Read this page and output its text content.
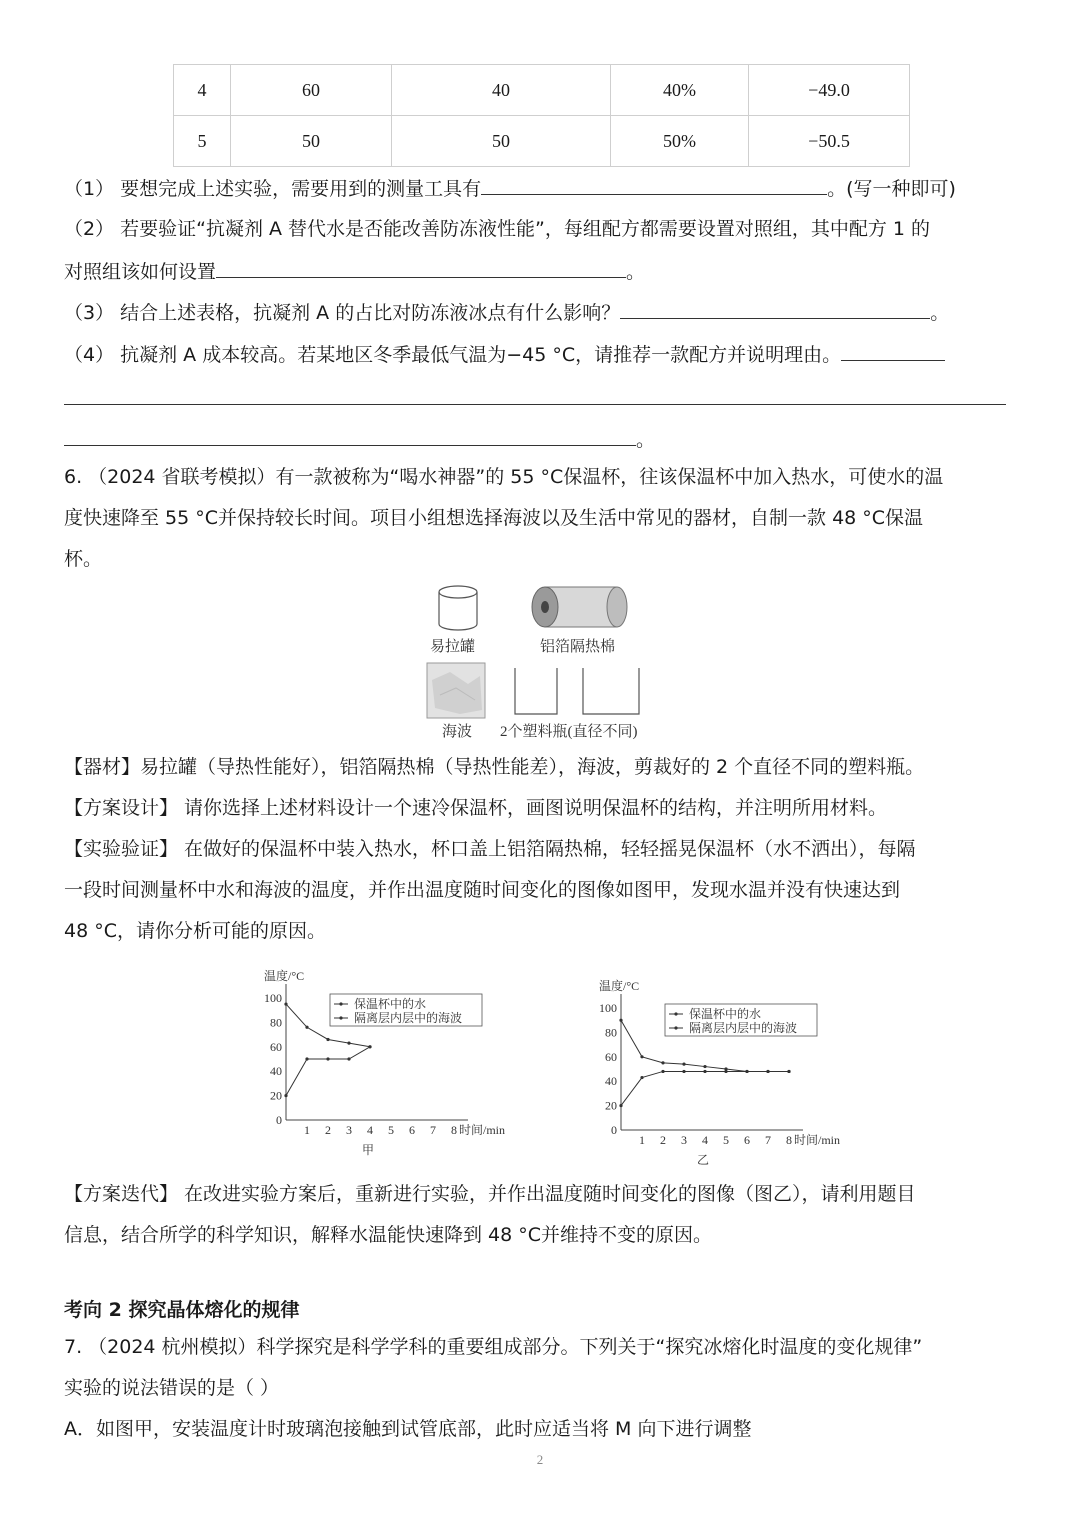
4	60	40	40%	−49.0
5	50	50	50%	−50.5
（1） 要想完成上述实验，需要用到的测量工具有	。(写一种即可)
（2） 若要验证“抗凝剂 A 替代水是否能改善防冻液性能”，每组配方都需要设置对照组，其中配方 1 的
对照组该如何设置	。
（3） 结合上述表格，抗凝剂 A 的占比对防冻液冰点有什么影响？	。
（4） 抗凝剂 A 成本较高。若某地区冬季最低气温为−45 °C，请推荐一款配方并说明理由。
。
6. （2024 省联考模拟）有一款被称为“喝水神器”的 55 °C保温杯，往该保温杯中加入热水，可使水的温
度快速降至 55 °C并保持较长时间。项目小组想选择海波以及生活中常见的器材，自制一款 48 °C保温
杯。
易拉罐	铝箔隔热棉
海波 2个塑料瓶(直径不同)
【器材】易拉罐（导热性能好），铝箔隔热棉（导热性能差），海波，剪裁好的 2 个直径不同的塑料瓶。
【方案设计】 请你选择上述材料设计一个速冷保温杯，画图说明保温杯的结构，并注明所用材料。
【实验验证】 在做好的保温杯中装入热水，杯口盖上铝箔隔热棉，轻轻摇晃保温杯（水不洒出），每隔
一段时间测量杯中水和海波的温度，并作出温度随时间变化的图像如图甲，发现水温并没有快速达到
48 °C，请你分析可能的原因。
温度/°C
100
80
60
40
20
0
1 2 3 4 5 6 7 8 时间/min
甲
保温杯中的水
隔离层内层中的海波
温度/°C
100
80
60
40
20
0
1 2 3 4 5 6 7 8 时间/min
乙
保温杯中的水
隔离层内层中的海波
【方案迭代】 在改进实验方案后，重新进行实验，并作出温度随时间变化的图像（图乙），请利用题目
信息，结合所学的科学知识，解释水温能快速降到 48 °C并维持不变的原因。
考向 2 探究晶体熔化的规律
7. （2024 杭州模拟）科学探究是科学学科的重要组成部分。下列关于“探究冰熔化时温度的变化规律”
实验的说法错误的是（ ）
A．如图甲，安装温度计时玻璃泡接触到试管底部，此时应适当将 M 向下进行调整
2
